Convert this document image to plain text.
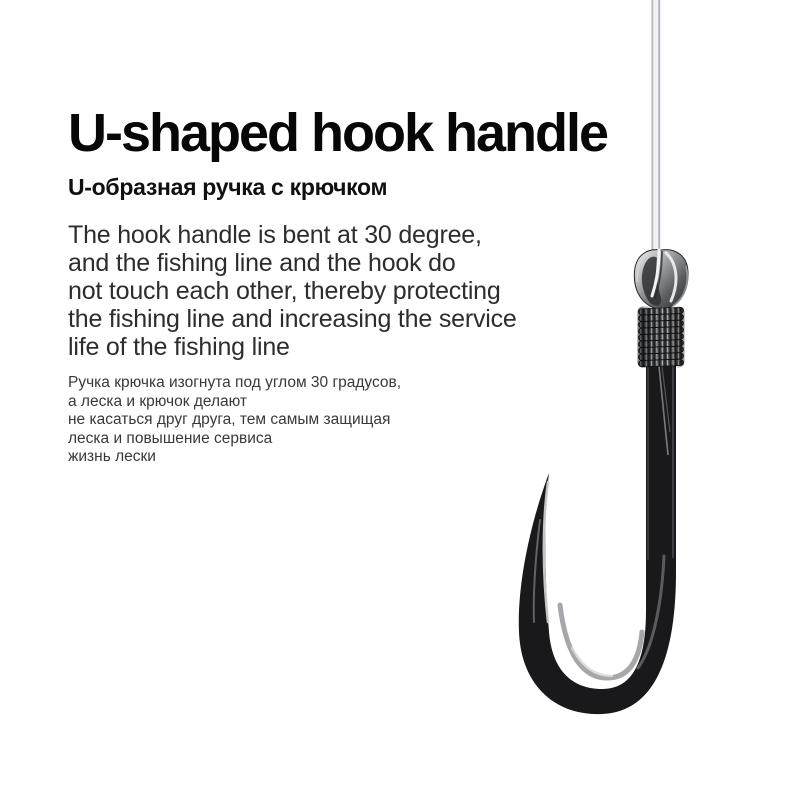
U-shaped hook handle
U-образная ручка с крючком

The hook handle is bent at 30 degree,
and the fishing line and the hook do
not touch each other, thereby protecting
the fishing line and increasing the service
life of the fishing line

Ручка крючка изогнута под углом 30 градусов,
а леска и крючок делают
не касаться друг друга, тем самым защищая
леска и повышение сервиса
жизнь лески
